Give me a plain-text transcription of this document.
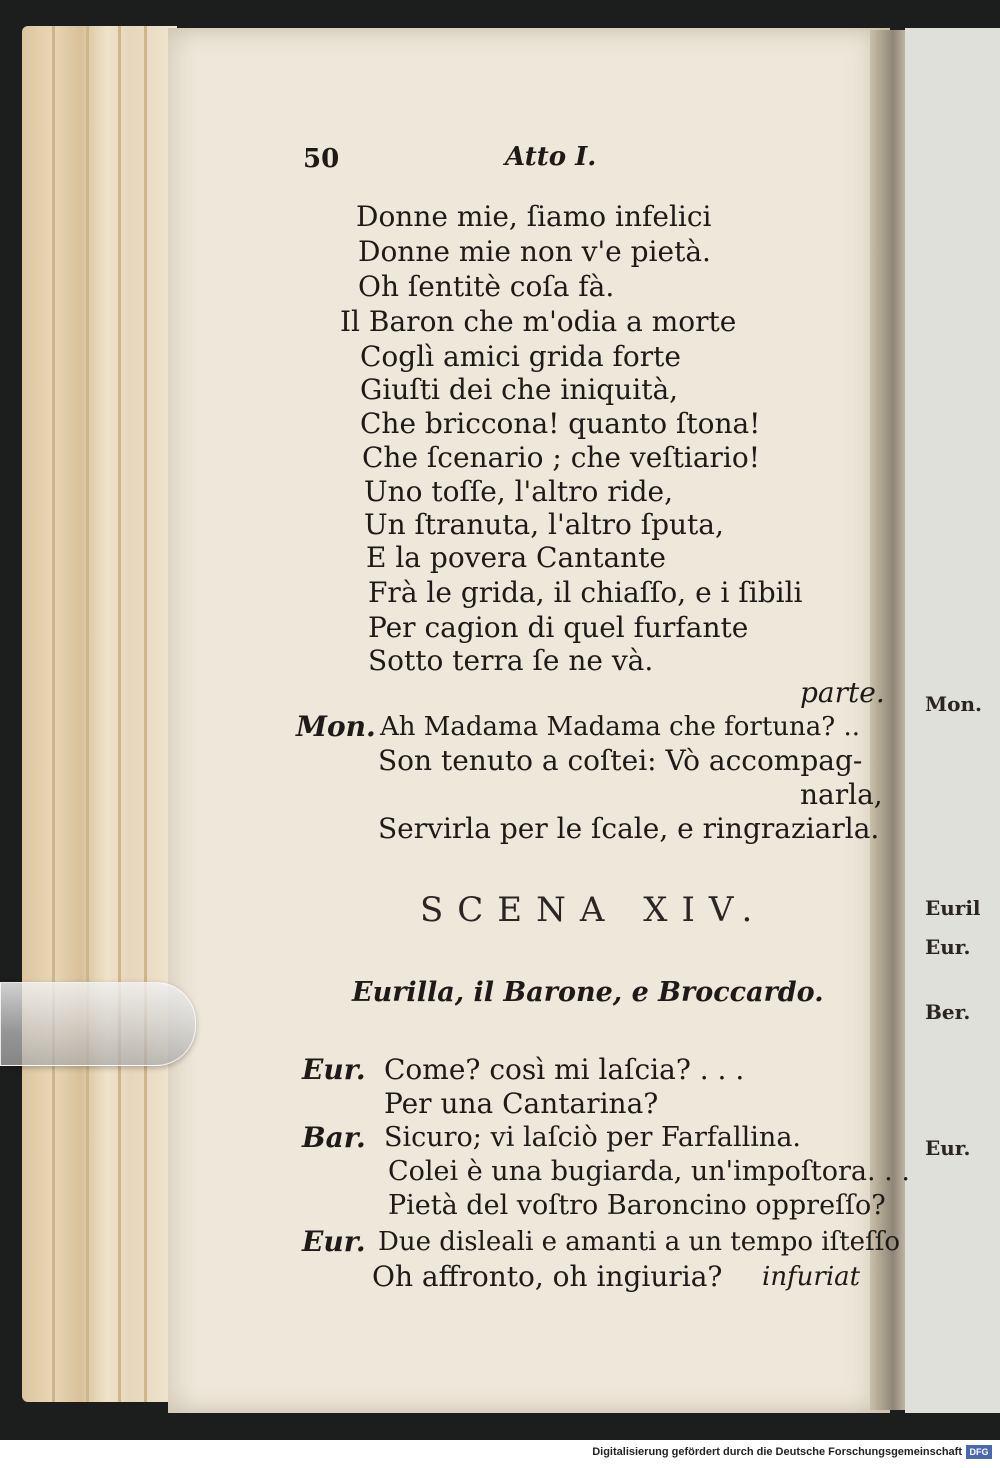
Mon.
Euril
Eur.
Ber.
Eur.
50	Atto I.
Donne mie, ſiamo infelici
Donne mie non v'e pietà.
Oh ſentitè coſa fà.
Il Baron che m'odia a morte
Coglì amici grida forte
Giuſti dei che iniquità,
Che briccona! quanto ſtona!
Che ſcenario ; che veſtiario!
Uno toſſe, l'altro ride,
Un ſtranuta, l'altro ſputa,
E la povera Cantante
Frà le grida, il chiaſſo, e i ſibili
Per cagion di quel furfante
Sotto terra ſe ne và.
parte.
Mon. Ah Madama Madama che fortuna? ..
Son tenuto a coſtei: Vò accompag-
narla,
Servirla per le ſcale, e ringraziarla.
SCENA XIV.
Eurilla, il Barone, e Broccardo.
Eur. Come? così mi laſcia? . . .
Per una Cantarina?
Bar. Sicuro; vi laſciò per Farfallina.
Colei è una bugiarda, un'impoſtora. . .
Pietà del voſtro Baroncino oppreſſo?
Eur. Due disleali e amanti a un tempo iſteſſo
Oh affronto, oh ingiuria? infuriat
Digitalisierung gefördert durch die Deutsche Forschungsgemeinschaft DFG
